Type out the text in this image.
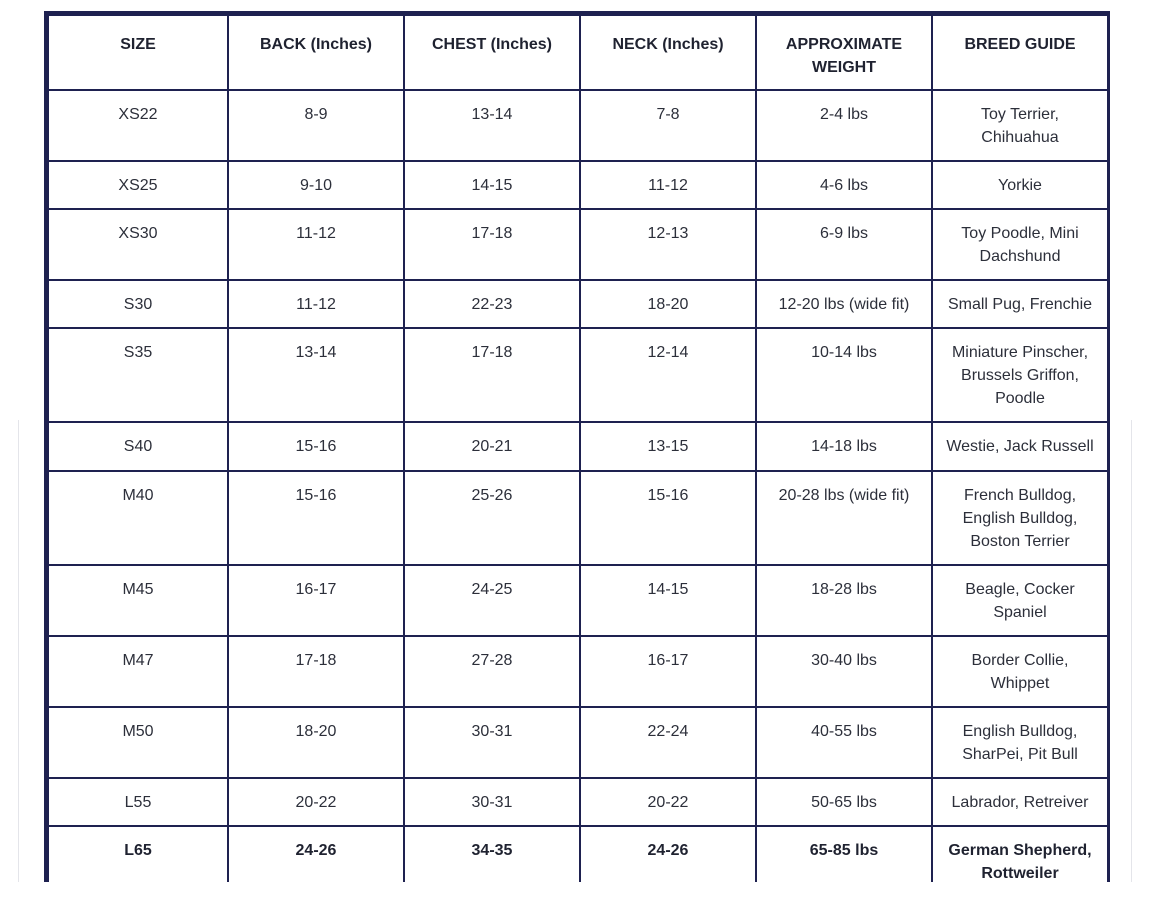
SIZE	BACK (Inches)	CHEST (Inches)	NECK (Inches)	APPROXIMATE WEIGHT	BREED GUIDE
XS22	8-9	13-14	7-8	2-4 lbs	Toy Terrier, Chihuahua
XS25	9-10	14-15	11-12	4-6 lbs	Yorkie
XS30	11-12	17-18	12-13	6-9 lbs	Toy Poodle, Mini Dachshund
S30	11-12	22-23	18-20	12-20 lbs (wide fit)	Small Pug, Frenchie
S35	13-14	17-18	12-14	10-14 lbs	Miniature Pinscher, Brussels Griffon, Poodle
S40	15-16	20-21	13-15	14-18 lbs	Westie, Jack Russell
M40	15-16	25-26	15-16	20-28 lbs (wide fit)	French Bulldog, English Bulldog, Boston Terrier
M45	16-17	24-25	14-15	18-28 lbs	Beagle, Cocker Spaniel
M47	17-18	27-28	16-17	30-40 lbs	Border Collie, Whippet
M50	18-20	30-31	22-24	40-55 lbs	English Bulldog, SharPei, Pit Bull
L55	20-22	30-31	20-22	50-65 lbs	Labrador, Retreiver
L65	24-26	34-35	24-26	65-85 lbs	German Shepherd, Rottweiler
